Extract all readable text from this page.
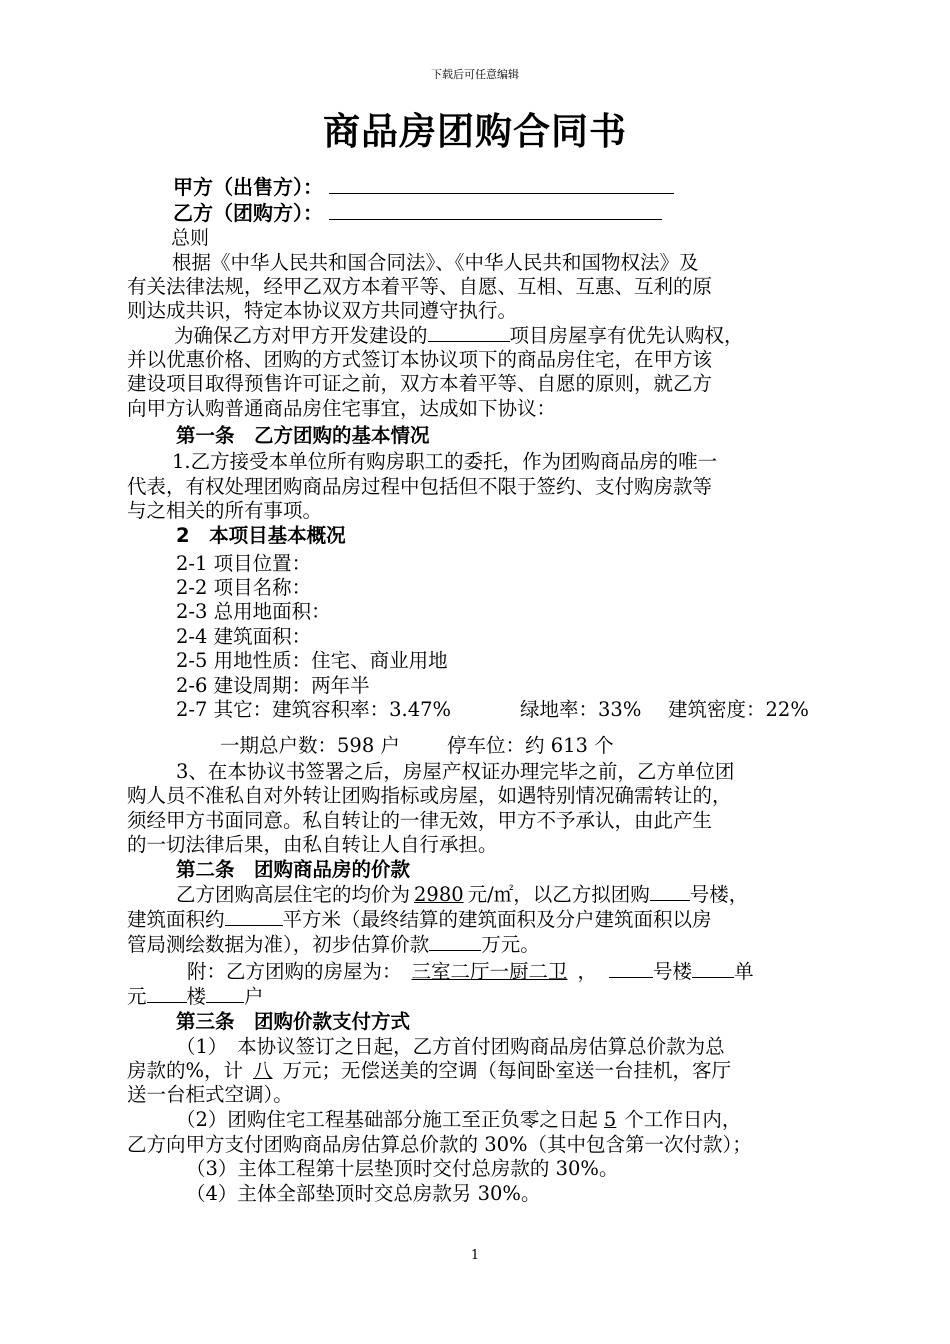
下载后可任意编辑
商品房团购合同书
甲方（出售方）：
乙方（团购方）：
总则
根据《中华人民共和国合同法》、《中华人民共和国物权法》及
有关法律法规，经甲乙双方本着平等、自愿、互相、互惠、互利的原
则达成共识，特定本协议双方共同遵守执行。
为确保乙方对甲方开发建设的	项目房屋享有优先认购权，
并以优惠价格、团购的方式签订本协议项下的商品房住宅，在甲方该
建设项目取得预售许可证之前，双方本着平等、自愿的原则，就乙方
向甲方认购普通商品房住宅事宜，达成如下协议：
第一条　乙方团购的基本情况
1.乙方接受本单位所有购房职工的委托，作为团购商品房的唯一
代表，有权处理团购商品房过程中包括但不限于签约、支付购房款等
与之相关的所有事项。
2　本项目基本概况
2-1 项目位置：
2-2 项目名称：
2-3 总用地面积：
2-4 建筑面积：
2-5 用地性质：住宅、商业用地
2-6 建设周期：两年半
2-7 其它：建筑容积率：3.47%	绿地率：33% 建筑密度：22%
一期总户数：598 户 停车位：约 613 个
3、在本协议书签署之后，房屋产权证办理完毕之前，乙方单位团
购人员不准私自对外转让团购指标或房屋，如遇特别情况确需转让的，
须经甲方书面同意。私自转让的一律无效，甲方不予承认，由此产生
的一切法律后果，由私自转让人自行承担。
第二条　团购商品房的价款
乙方团购高层住宅的均价为 2980 元/㎡，以乙方拟团购 号楼，
建筑面积约	平方米（最终结算的建筑面积及分户建筑面积以房
管局测绘数据为准），初步估算价款	万元。
附：乙方团购的房屋为： 三室二厅一厨二卫 ，	号楼 单
元 楼 户
第三条　团购价款支付方式
（1）　本协议签订之日起，乙方首付团购商品房估算总价款为总
房款的%，计 八 万元；无偿送美的空调（每间卧室送一台挂机，客厅
送一台柜式空调）。
（2）团购住宅工程基础部分施工至正负零之日起 5 个工作日内，
乙方向甲方支付团购商品房估算总价款的 30%（其中包含第一次付款）；
（3）主体工程第十层垫顶时交付总房款的 30%。
（4）主体全部垫顶时交总房款另 30%。
1
